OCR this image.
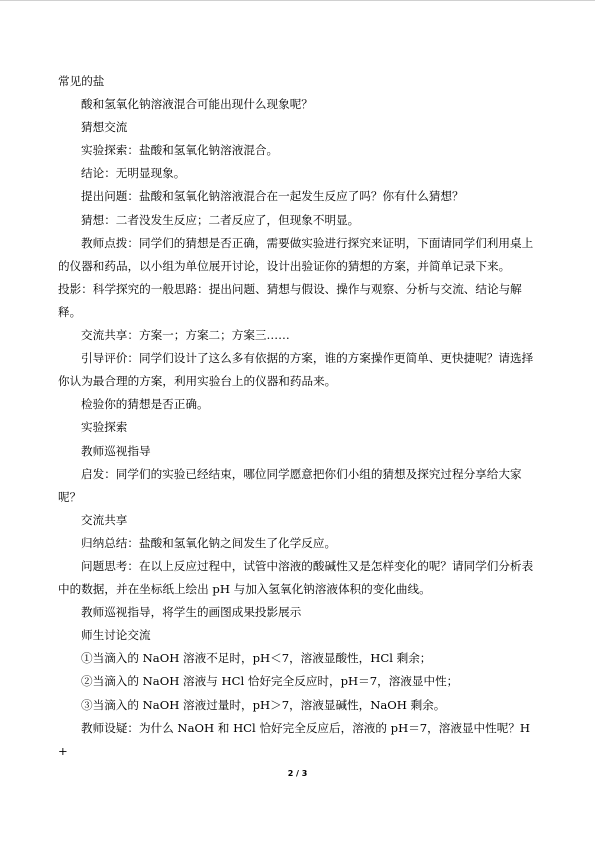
常见的盐

酸和氢氧化钠溶液混合可能出现什么现象呢？

猜想交流

实验探索：盐酸和氢氧化钠溶液混合。

结论：无明显现象。

提出问题：盐酸和氢氧化钠溶液混合在一起发生反应了吗？你有什么猜想？

猜想：二者没发生反应；二者反应了，但现象不明显。

教师点拨：同学们的猜想是否正确，需要做实验进行探究来证明，下面请同学们利用桌上的仪器和药品，以小组为单位展开讨论，设计出验证你的猜想的方案，并简单记录下来。

投影：科学探究的一般思路：提出问题、猜想与假设、操作与观察、分析与交流、结论与解释。

交流共享：方案一；方案二；方案三……

引导评价：同学们设计了这么多有依据的方案，谁的方案操作更简单、更快捷呢？请选择你认为最合理的方案，利用实验台上的仪器和药品来。

检验你的猜想是否正确。

实验探索

教师巡视指导

启发：同学们的实验已经结束，哪位同学愿意把你们小组的猜想及探究过程分享给大家呢？

交流共享

归纳总结：盐酸和氢氧化钠之间发生了化学反应。

问题思考：在以上反应过程中，试管中溶液的酸碱性又是怎样变化的呢？请同学们分析表中的数据，并在坐标纸上绘出 pH 与加入氢氧化钠溶液体积的变化曲线。

教师巡视指导，将学生的画图成果投影展示

师生讨论交流

①当滴入的 NaOH 溶液不足时，pH＜7，溶液显酸性，HCl 剩余；

②当滴入的 NaOH 溶液与 HCl 恰好完全反应时，pH＝7，溶液显中性；

③当滴入的 NaOH 溶液过量时，pH＞7，溶液显碱性，NaOH 剩余。

教师设疑：为什么 NaOH 和 HCl 恰好完全反应后，溶液的 pH＝7，溶液显中性呢？H+

2 / 3
